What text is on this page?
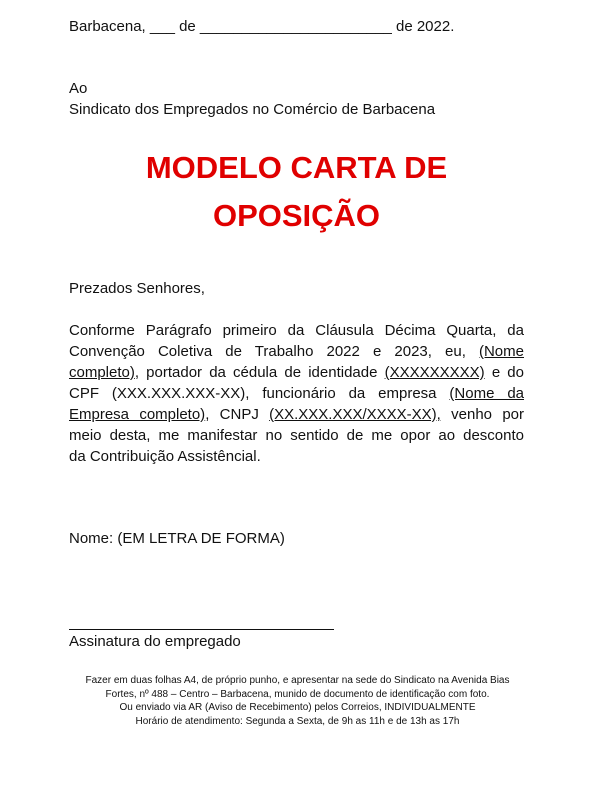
Barbacena, ___ de _______________________ de 2022.
Ao
Sindicato dos Empregados no Comércio de Barbacena
MODELO CARTA DE
OPOSIÇÃO
Prezados Senhores,
Conforme Parágrafo primeiro da Cláusula Décima Quarta, da
Convenção Coletiva de Trabalho 2022 e 2023, eu, (Nome
completo), portador da cédula de identidade (XXXXXXXXX) e do
CPF (XXX.XXX.XXX-XX), funcionário da empresa (Nome da
Empresa completo), CNPJ (XX.XXX.XXX/XXXX-XX), venho por
meio desta, me manifestar no sentido de me opor ao desconto
da Contribuição Assistêncial.
Nome: (EM LETRA DE FORMA)
Assinatura do empregado
Fazer em duas folhas A4, de próprio punho, e apresentar na sede do Sindicato na Avenida Bias
Fortes, nº 488 – Centro – Barbacena, munido de documento de identificação com foto.
Ou enviado via AR (Aviso de Recebimento) pelos Correios, INDIVIDUALMENTE
Horário de atendimento: Segunda a Sexta, de 9h as 11h e de 13h as 17h
